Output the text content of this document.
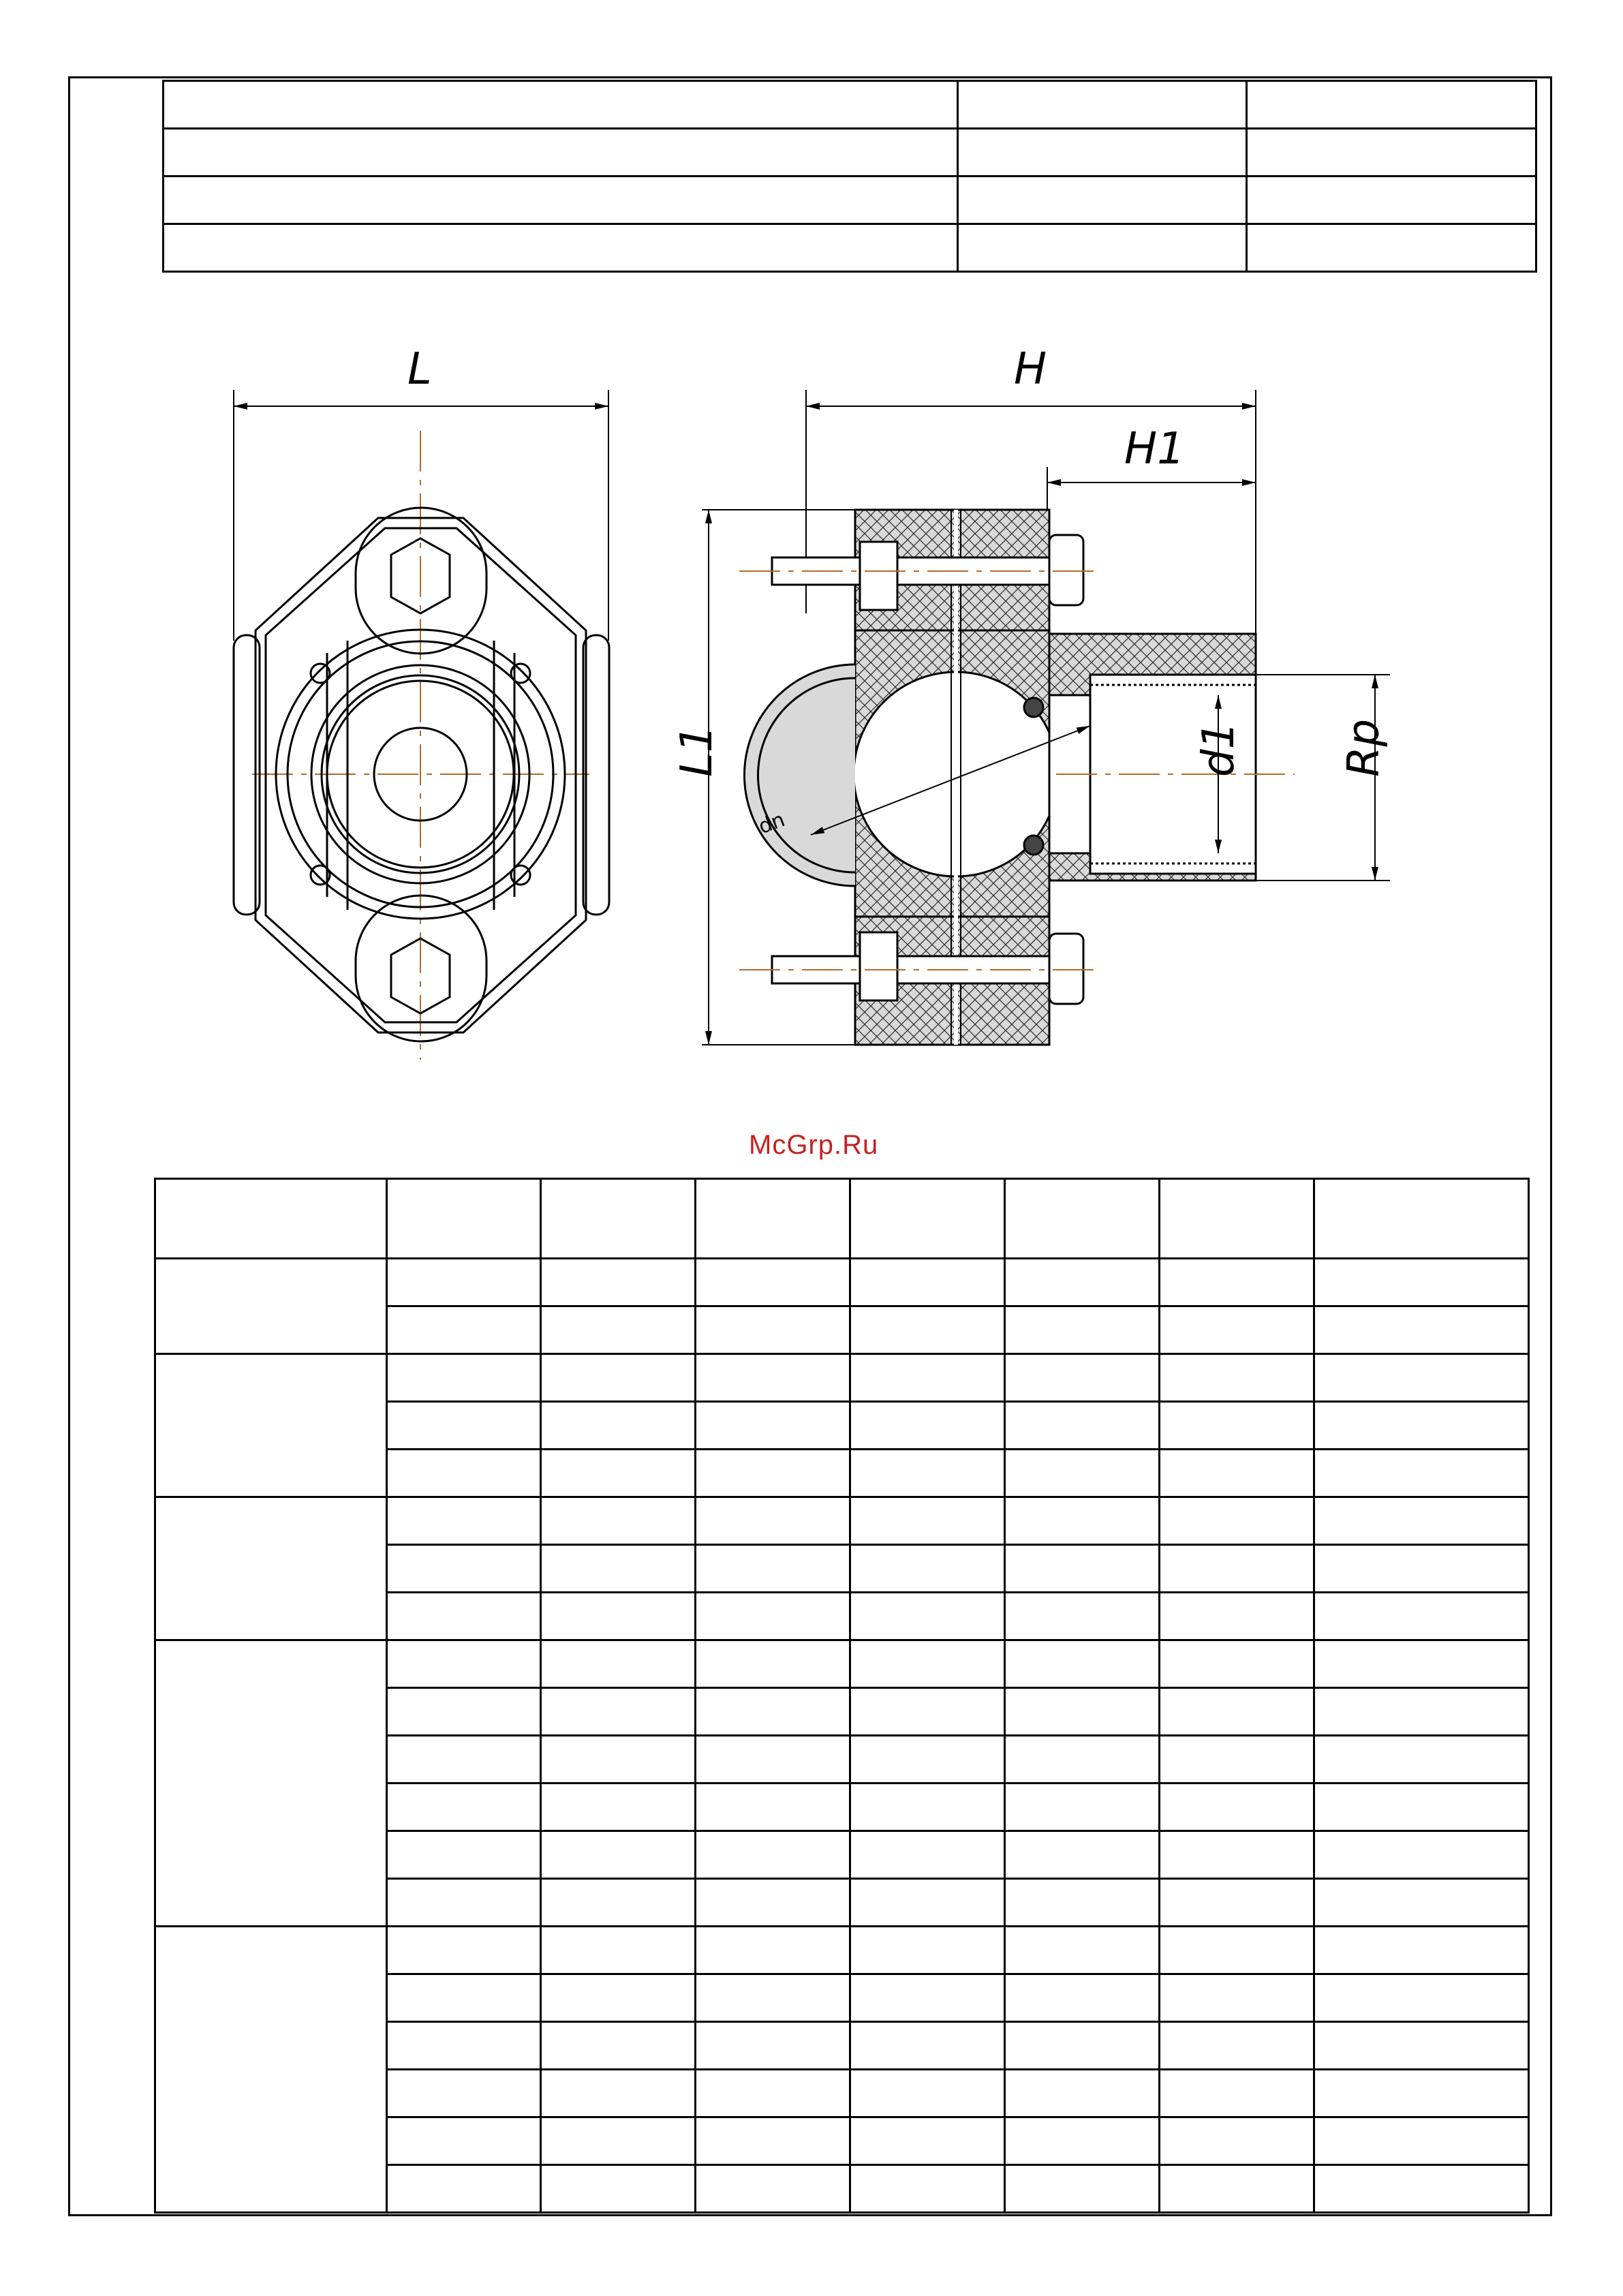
L	H
H1
L1	d1 Rp
dn
McGrp.Ru
